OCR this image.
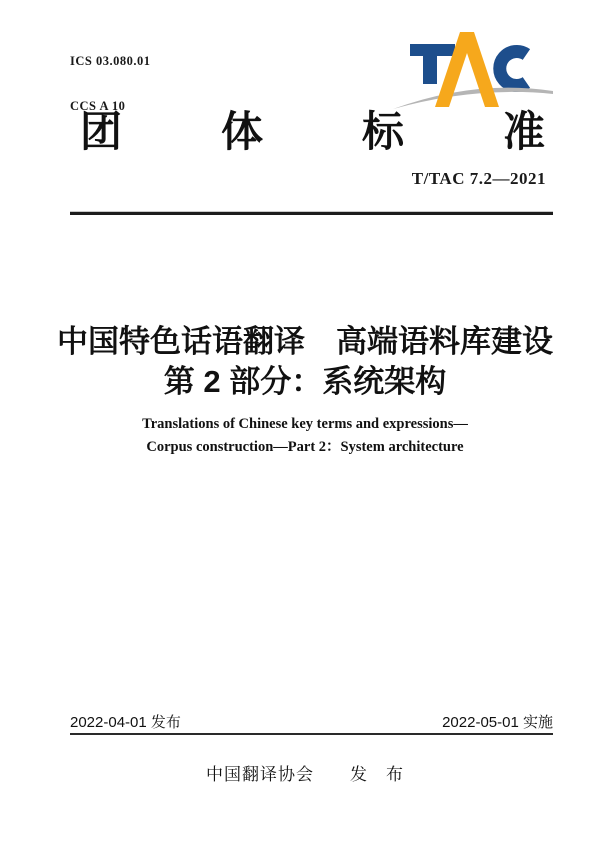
ICS 03.080.01

CCS A 10

团 体 标 准
T/TAC 7.2—2021
中国特色话语翻译　高端语料库建设
第 2 部分：系统架构
Translations of Chinese key terms and expressions—
Corpus construction—Part 2：System architecture
2022-04-01 发布	2022-05-01 实施
中国翻译协会　　发　布
